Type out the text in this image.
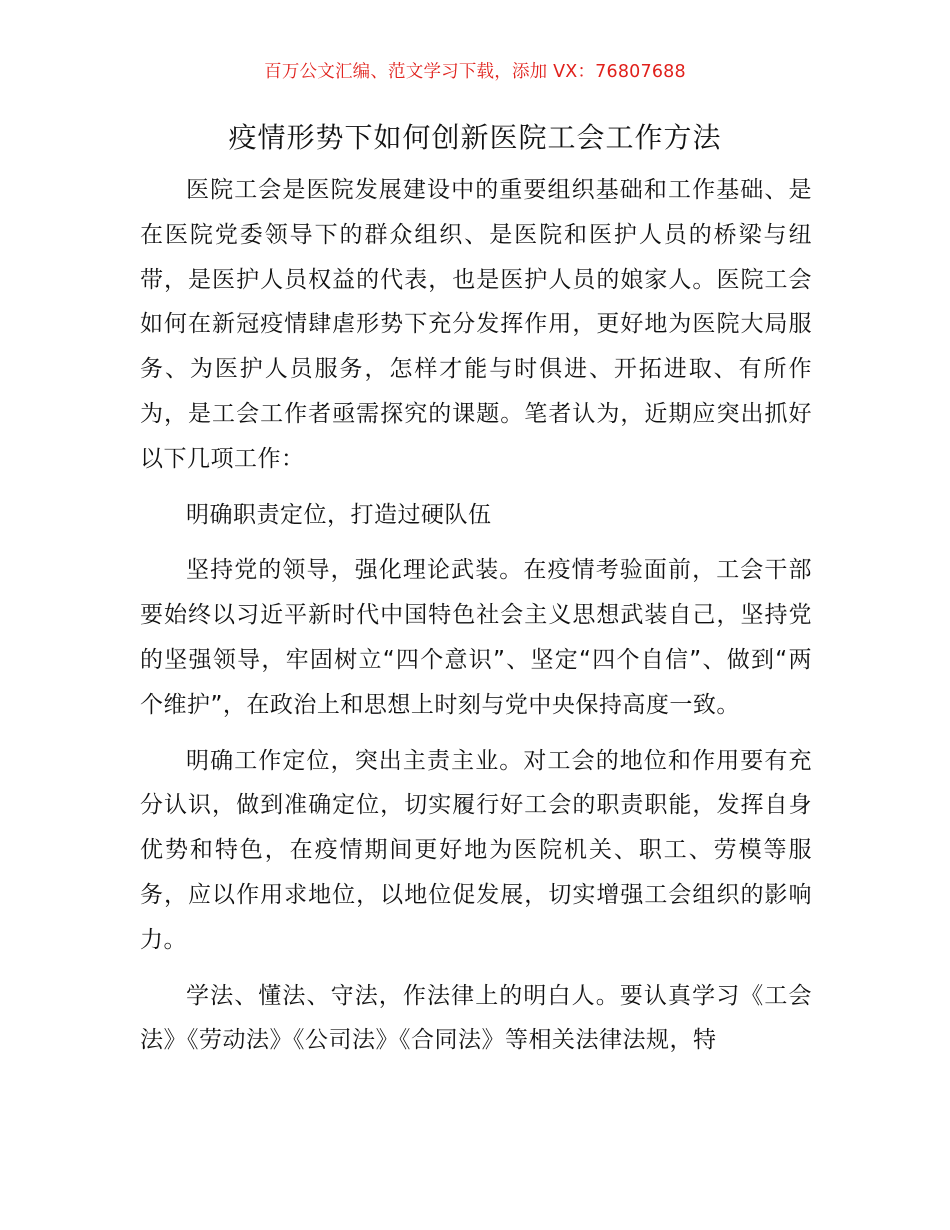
百万公文汇编、范文学习下载，添加 VX：76807688
疫情形势下如何创新医院工会工作方法

医院工会是医院发展建设中的重要组织基础和工作基础、是在医院党委领导下的群众组织、是医院和医护人员的桥梁与纽带，是医护人员权益的代表，也是医护人员的娘家人。医院工会如何在新冠疫情肆虐形势下充分发挥作用，更好地为医院大局服务、为医护人员服务，怎样才能与时俱进、开拓进取、有所作为，是工会工作者亟需探究的课题。笔者认为，近期应突出抓好以下几项工作：

明确职责定位，打造过硬队伍

坚持党的领导，强化理论武装。在疫情考验面前，工会干部要始终以习近平新时代中国特色社会主义思想武装自己，坚持党的坚强领导，牢固树立“四个意识”、坚定“四个自信”、做到“两个维护”，在政治上和思想上时刻与党中央保持高度一致。

明确工作定位，突出主责主业。对工会的地位和作用要有充分认识，做到准确定位，切实履行好工会的职责职能，发挥自身优势和特色，在疫情期间更好地为医院机关、职工、劳模等服务，应以作用求地位，以地位促发展，切实增强工会组织的影响力。

学法、懂法、守法，作法律上的明白人。要认真学习《工会法》《劳动法》《公司法》《合同法》等相关法律法规，特
